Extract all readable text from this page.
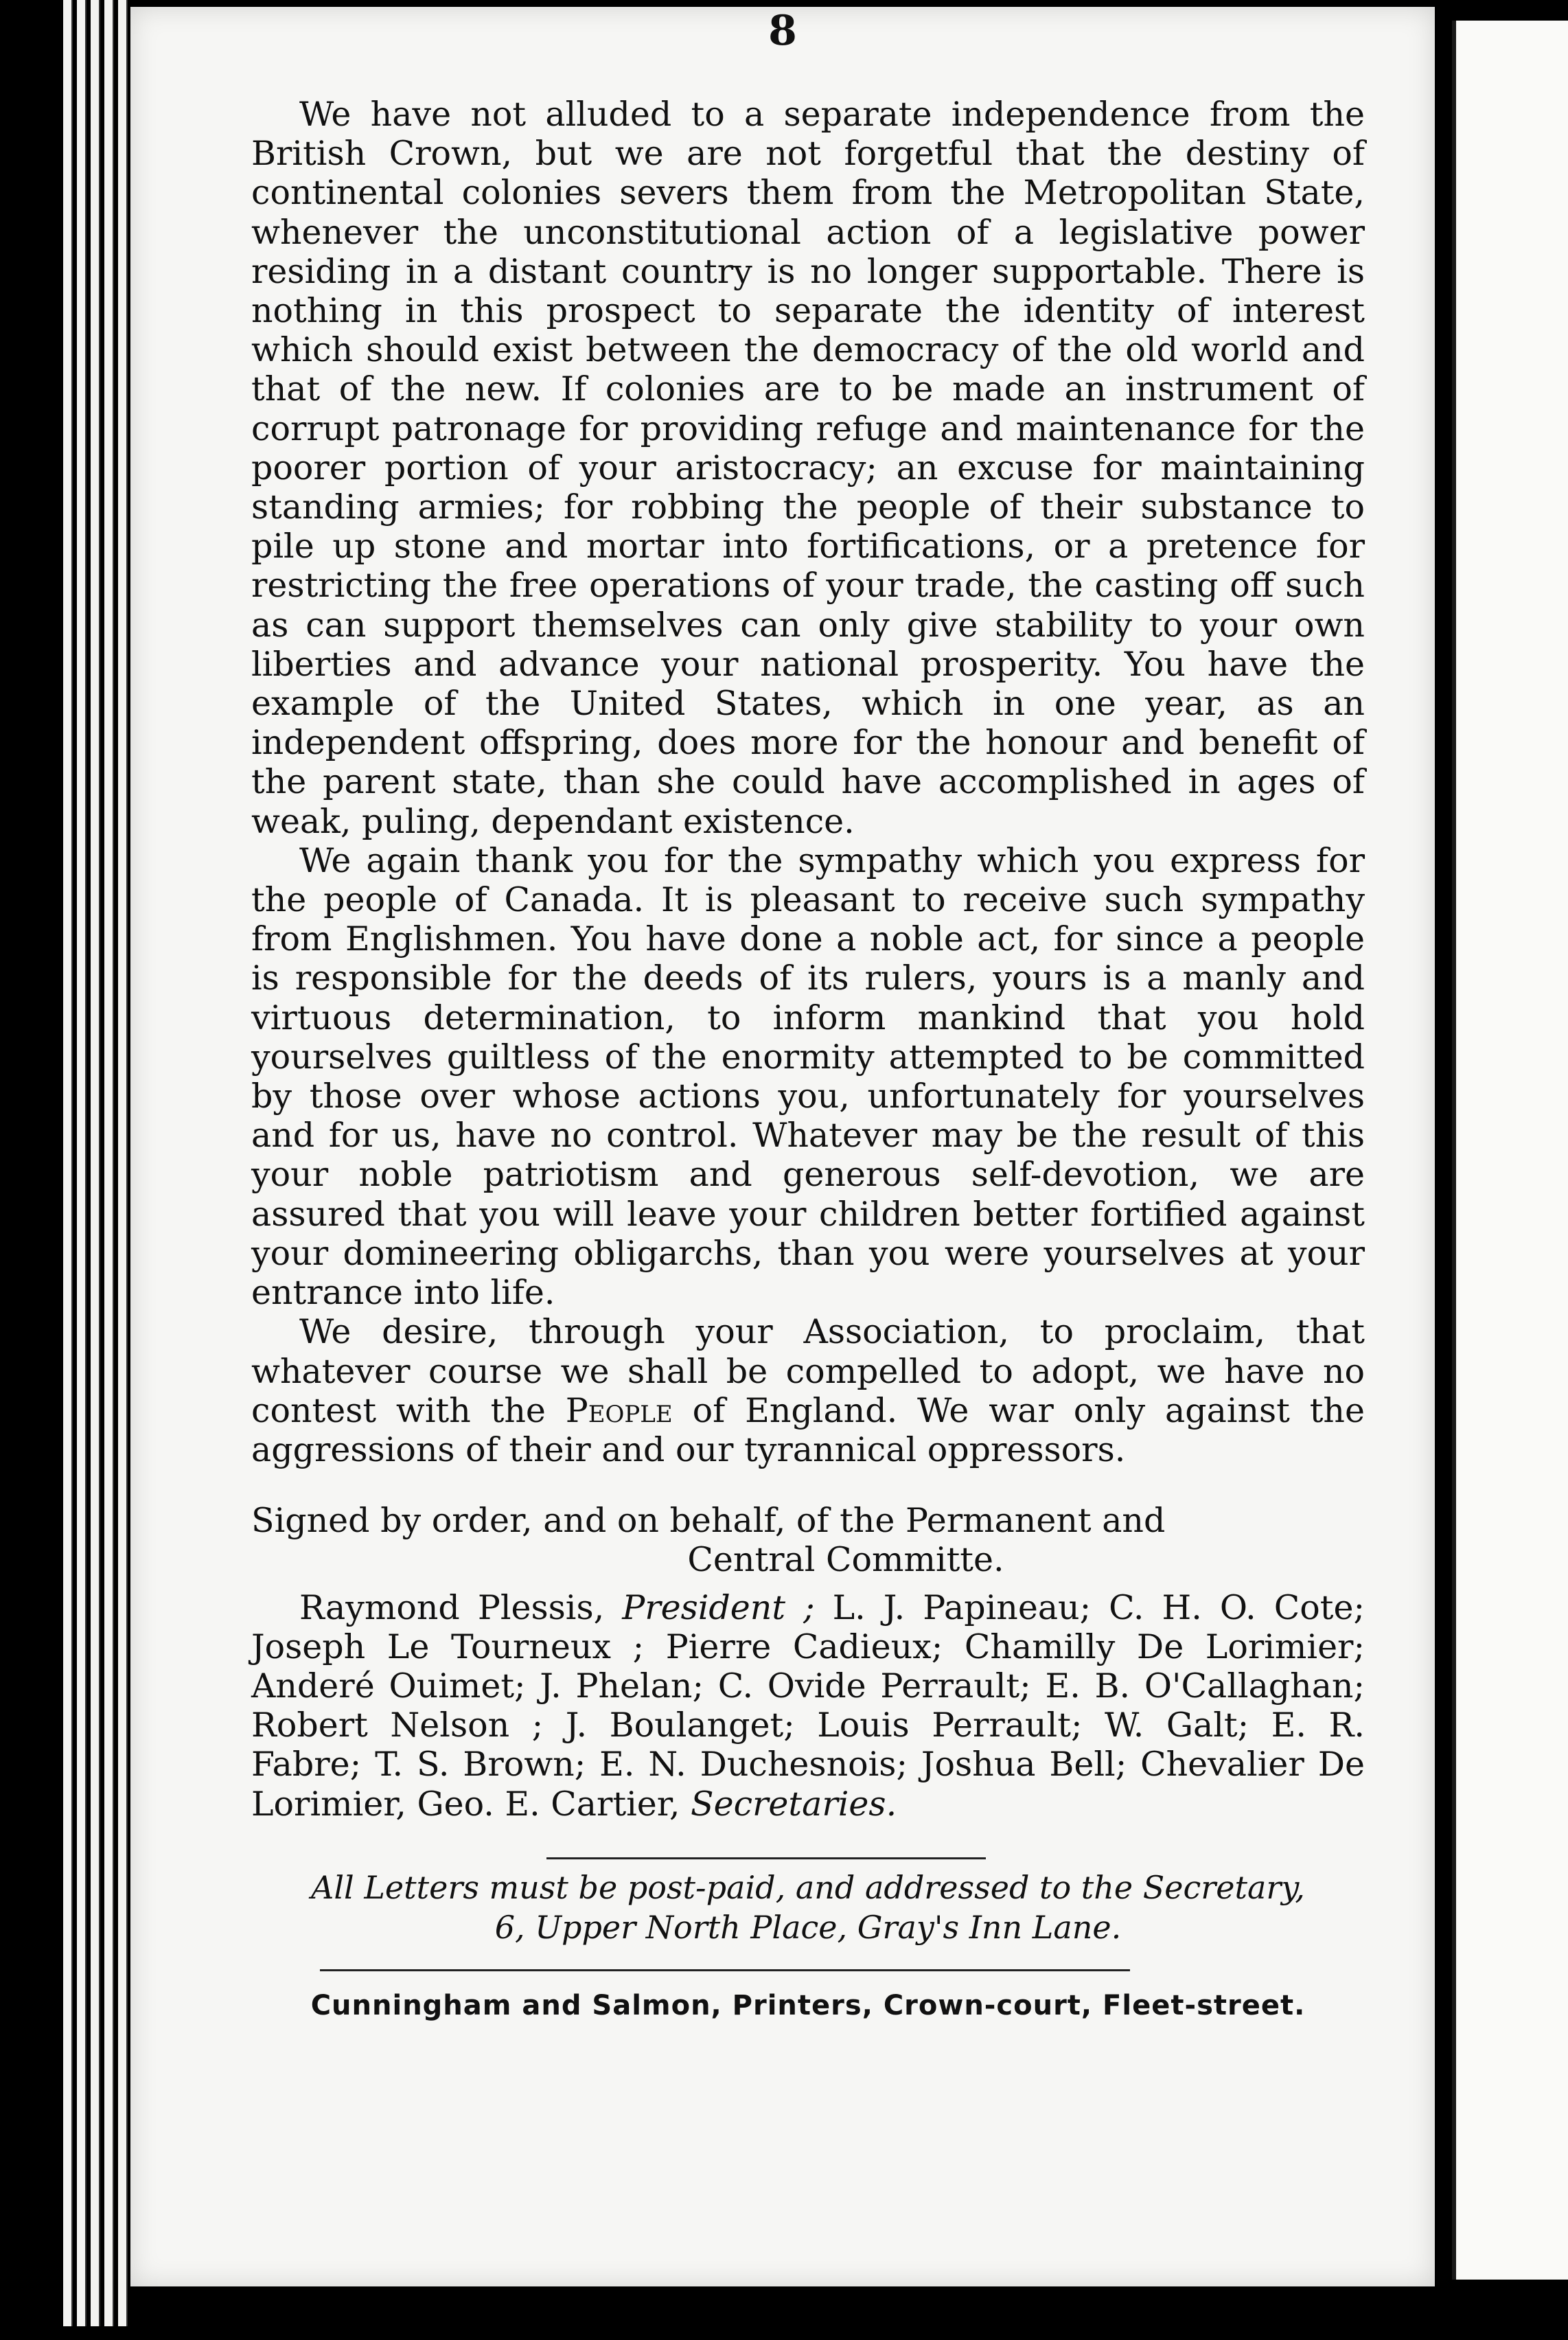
8

We have not alluded to a separate independence from the British Crown, but we are not forgetful that the destiny of continental colonies severs them from the Metropolitan State, whenever the unconstitutional action of a legislative power residing in a distant country is no longer supportable. There is nothing in this prospect to separate the identity of interest which should exist between the democracy of the old world and that of the new. If colonies are to be made an instrument of corrupt patronage for providing refuge and maintenance for the poorer portion of your aristocracy; an excuse for maintaining standing armies; for robbing the people of their substance to pile up stone and mortar into fortifications, or a pretence for restricting the free operations of your trade, the casting off such as can support themselves can only give stability to your own liberties and advance your national prosperity. You have the example of the United States, which in one year, as an independent offspring, does more for the honour and benefit of the parent state, than she could have accomplished in ages of weak, puling, dependant existence.

We again thank you for the sympathy which you express for the people of Canada. It is pleasant to receive such sympathy from Englishmen. You have done a noble act, for since a people is responsible for the deeds of its rulers, yours is a manly and virtuous determination, to inform mankind that you hold yourselves guiltless of the enormity attempted to be committed by those over whose actions you, unfortunately for yourselves and for us, have no control. Whatever may be the result of this your noble patriotism and generous self-devotion, we are assured that you will leave your children better fortified against your domineering obligarchs, than you were yourselves at your entrance into life.

We desire, through your Association, to proclaim, that whatever course we shall be compelled to adopt, we have no contest with the People of England. We war only against the aggressions of their and our tyrannical oppressors.

Signed by order, and on behalf, of the Permanent and
Central Committe.

Raymond Plessis, President ; L. J. Papineau; C. H. O. Cote; Joseph Le Tourneux ; Pierre Cadieux; Chamilly De Lorimier; Anderé Ouimet; J. Phelan; C. Ovide Perrault; E. B. O'Callaghan; Robert Nelson ; J. Boulanget; Louis Perrault; W. Galt; E. R. Fabre; T. S. Brown; E. N. Duchesnois; Joshua Bell; Chevalier De Lorimier, Geo. E. Cartier, Secretaries.

All Letters must be post-paid, and addressed to the Secretary,
6, Upper North Place, Gray's Inn Lane.
Cunningham and Salmon, Printers, Crown-court, Fleet-street.
